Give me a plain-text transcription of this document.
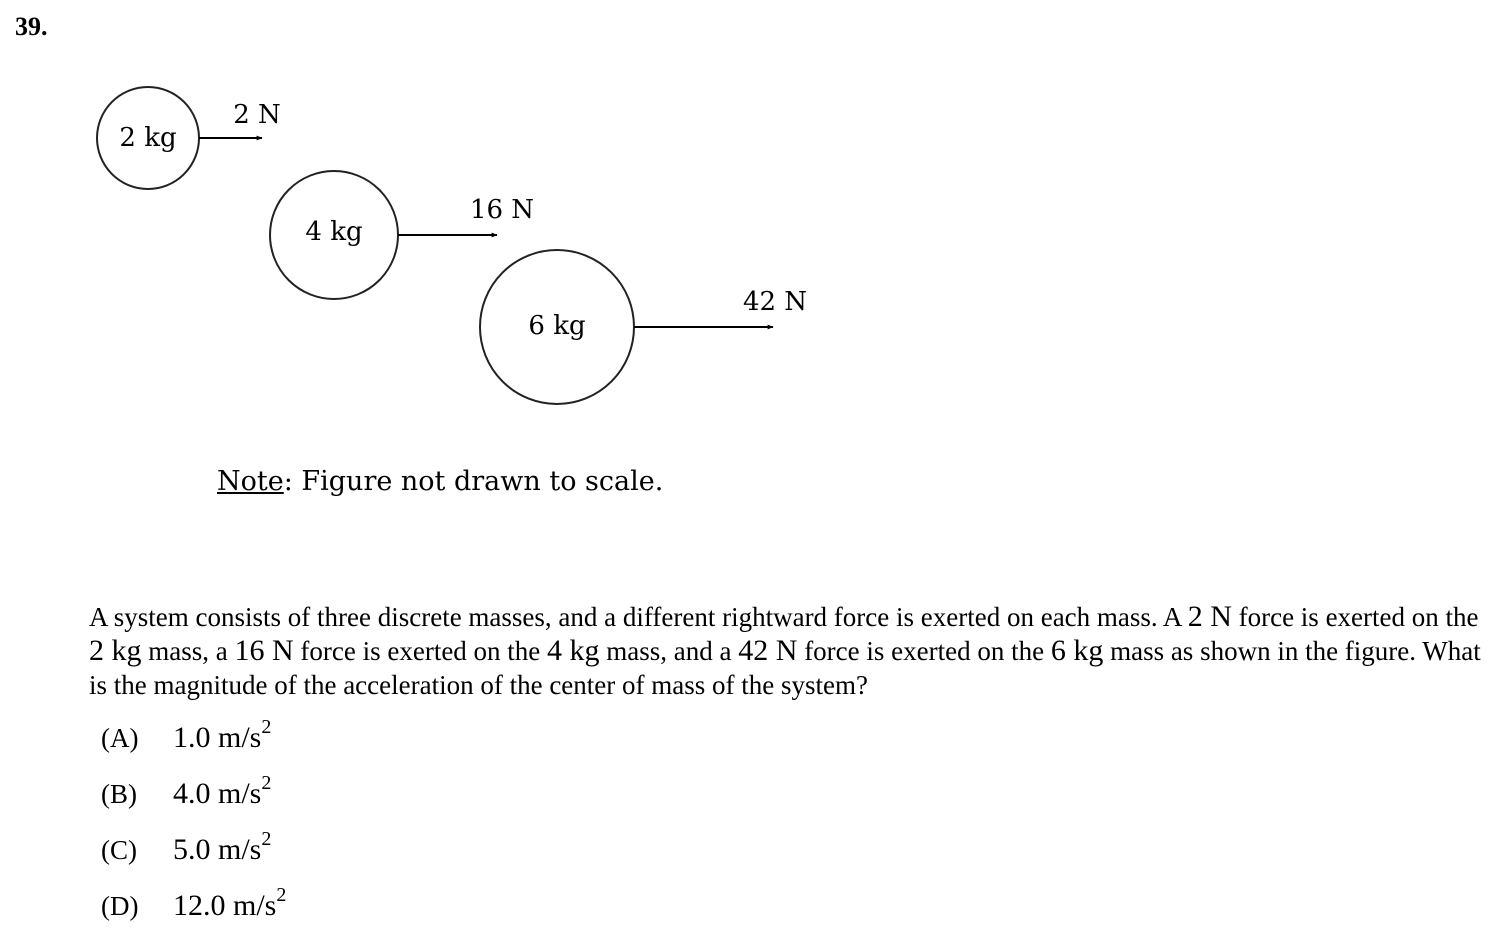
39.
2 kg
2 N
4 kg
16 N
6 kg
42 N
Note: Figure not drawn to scale.
A system consists of three discrete masses, and a different rightward force is exerted on each mass. A 2 N force is exerted on the 2 kg mass, a 16 N force is exerted on the 4 kg mass, and a 42 N force is exerted on the 6 kg mass as shown in the figure. What is the magnitude of the acceleration of the center of mass of the system?
(A) 1.0 $m/s^2$
(B) 4.0 $m/s^2$
(C) 5.0 $m/s^2$
(D) 12.0 $m/s^2$
